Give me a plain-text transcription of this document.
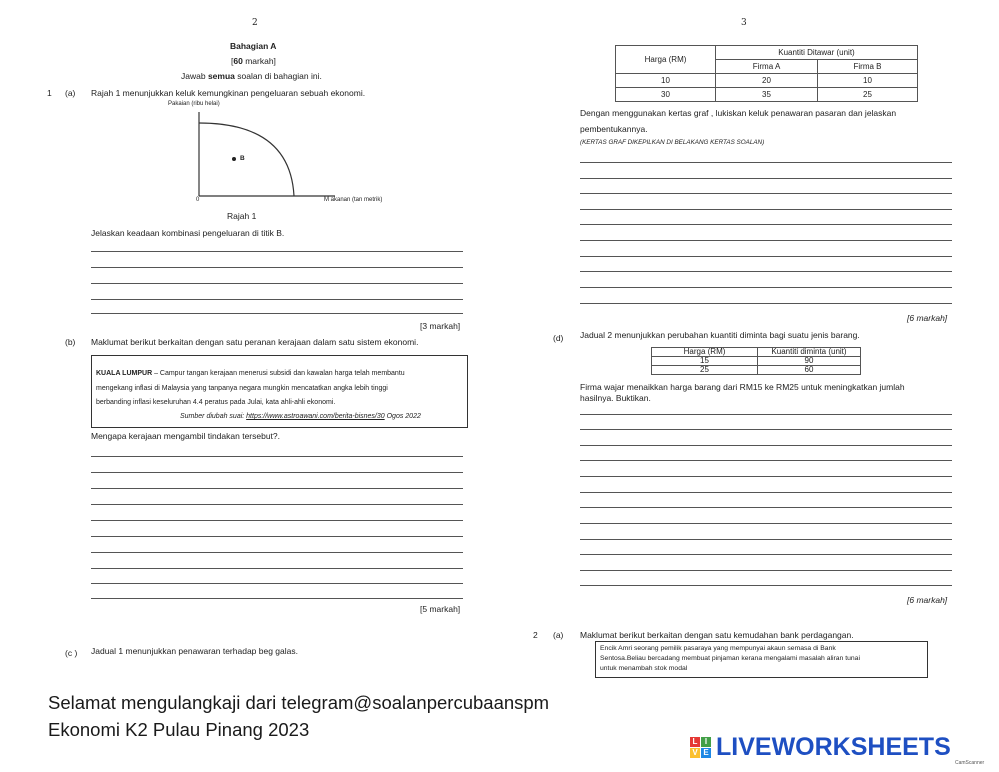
2
Bahagian A
[60 markah]
Jawab semua soalan di bahagian ini.
1 (a) Rajah 1 menunjukkan keluk kemungkinan pengeluaran sebuah ekonomi.
Pakaian (ribu helai)
B
0	M akanan (tan metrik)
Rajah 1
Jelaskan keadaan kombinasi pengeluaran di titik B.
[3 markah]
(b) Maklumat berikut berkaitan dengan satu peranan kerajaan dalam satu sistem ekonomi.
KUALA LUMPUR – Campur tangan kerajaan menerusi subsidi dan kawalan harga telah membantu
mengekang inflasi di Malaysia yang tanpanya negara mungkin mencatatkan angka lebih tinggi
berbanding inflasi keseluruhan 4.4 peratus pada Julai, kata ahli-ahli ekonomi.
Sumber diubah suai: https://www.astroawani.com/berita-bisnes/30 Ogos 2022
Mengapa kerajaan mengambil tindakan tersebut?.
[5 markah]
(c ) Jadual 1 menunjukkan penawaran terhadap beg galas.
3
Harga (RM)	Kuantiti Ditawar (unit)	
	Firma A	Firma B
10	20	10
30	35	25
Dengan menggunakan kertas graf , lukiskan keluk penawaran pasaran dan jelaskan
pembentukannya.
(KERTAS GRAF DIKEPILKAN DI BELAKANG KERTAS SOALAN)
[6 markah]
(d) Jadual 2 menunjukkan perubahan kuantiti diminta bagi suatu jenis barang.
Harga (RM)	Kuantiti diminta (unit)
15	90
25	60
Firma wajar menaikkan harga barang dari RM15 ke RM25 untuk meningkatkan jumlah
hasilnya. Buktikan.
[6 markah]
2 (a) Maklumat berikut berkaitan dengan satu kemudahan bank perdagangan.
Encik Amri seorang pemilik pasaraya yang mempunyai akaun semasa di Bank
Sentosa.Beliau bercadang membuat pinjaman kerana mengalami masalah aliran tunai
untuk menambah stok modal
Selamat mengulangkaji dari telegram@soalanpercubaanspm
Ekonomi K2 Pulau Pinang 2023
L I
V E LIVEWORKSHEETS
CamScanner
